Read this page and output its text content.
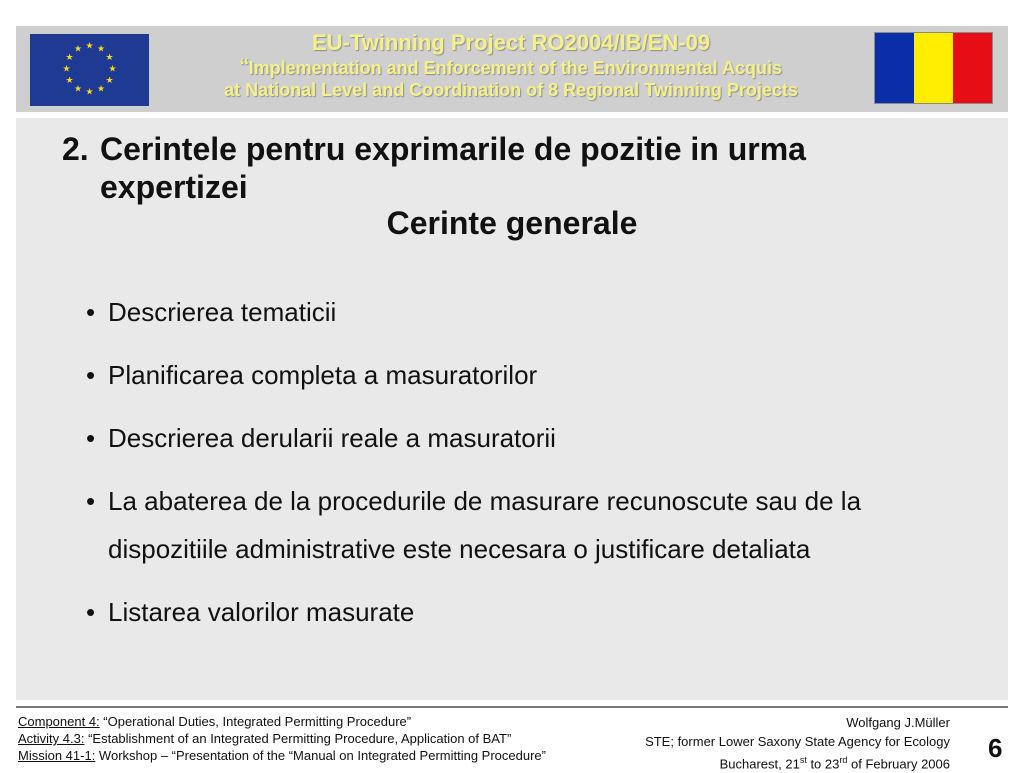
★ ★
★
★
★
★
★
★
★
★
★
★	EU-Twinning Project RO2004/IB/EN-09
“Implementation and Enforcement of the Environmental Acquis
at National Level and Coordination of 8 Regional Twinning Projects
2. Cerintele pentru exprimarile de pozitie in urma expertizei
Cerinte generale
• Descrierea tematicii
• Planificarea completa a masuratorilor
• Descrierea derularii reale a masuratorii
• La abaterea de la procedurile de masurare recunoscute sau de la dispozitiile administrative este necesara o justificare detaliata
• Listarea valorilor masurate
Component 4: “Operational Duties, Integrated Permitting Procedure”
Activity 4.3: “Establishment of an Integrated Permitting Procedure, Application of BAT”
Mission 41-1: Workshop – “Presentation of the “Manual on Integrated Permitting Procedure”
Wolfgang J.Müller
STE; former Lower Saxony State Agency for Ecology
Bucharest, 21st to 23rd of February 2006
6
